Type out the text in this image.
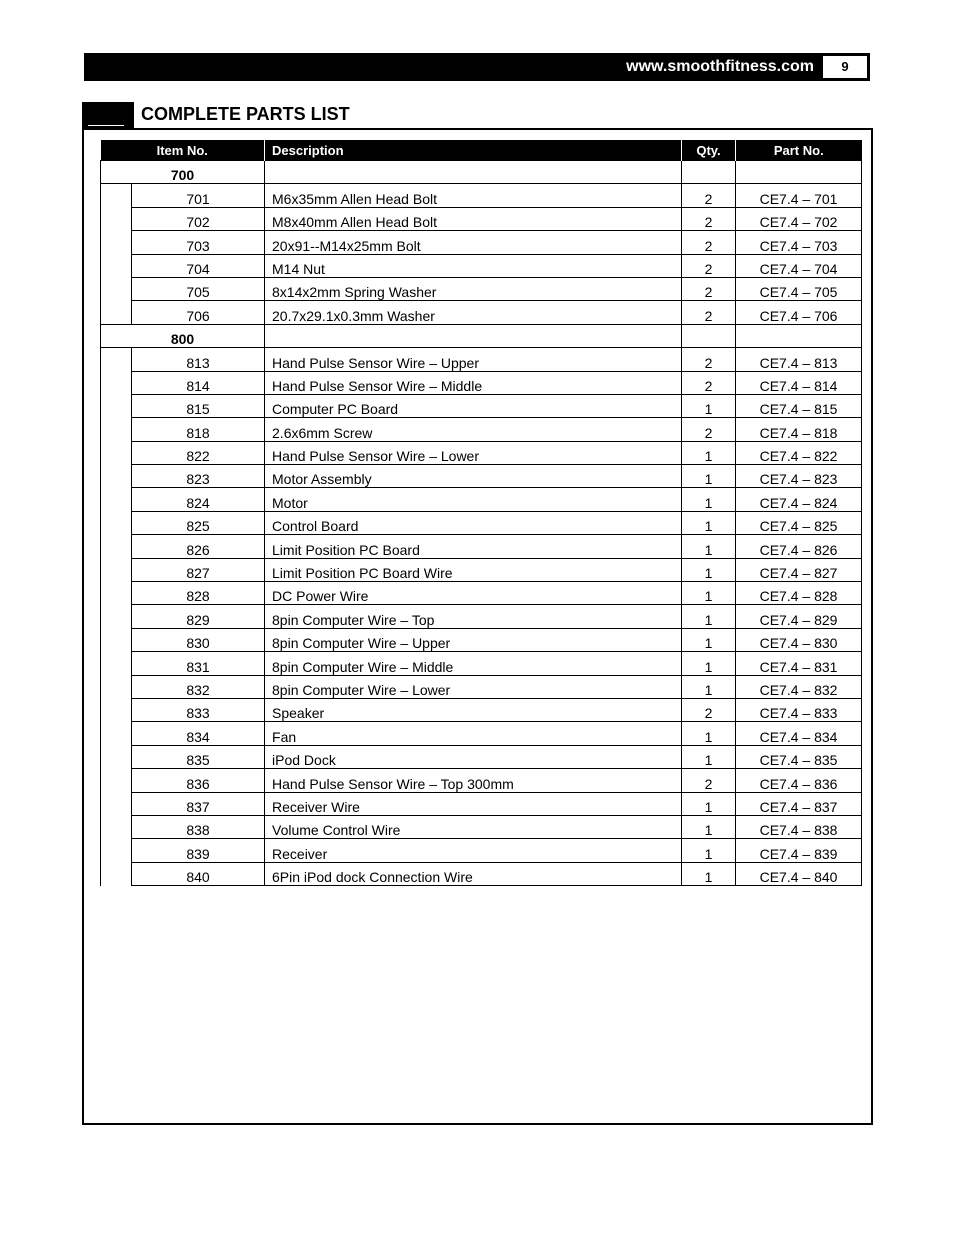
www.smoothfitness.com	9
COMPLETE PARTS LIST
Item No.		Description	Qty.	Part No.
700				
	701	M6x35mm Allen Head Bolt	2	CE7.4 – 701
	702	M8x40mm Allen Head Bolt	2	CE7.4 – 702
	703	20x91--M14x25mm Bolt	2	CE7.4 – 703
	704	M14 Nut	2	CE7.4 – 704
	705	8x14x2mm Spring Washer	2	CE7.4 – 705
	706	20.7x29.1x0.3mm Washer	2	CE7.4 – 706
800				
	813	Hand Pulse Sensor Wire – Upper	2	CE7.4 – 813
	814	Hand Pulse Sensor Wire – Middle	2	CE7.4 – 814
	815	Computer PC Board	1	CE7.4 – 815
	818	2.6x6mm Screw	2	CE7.4 – 818
	822	Hand Pulse Sensor Wire – Lower	1	CE7.4 – 822
	823	Motor Assembly	1	CE7.4 – 823
	824	Motor	1	CE7.4 – 824
	825	Control Board	1	CE7.4 – 825
	826	Limit Position PC Board	1	CE7.4 – 826
	827	Limit Position PC Board Wire	1	CE7.4 – 827
	828	DC Power Wire	1	CE7.4 – 828
	829	8pin Computer Wire – Top	1	CE7.4 – 829
	830	8pin Computer Wire – Upper	1	CE7.4 – 830
	831	8pin Computer Wire – Middle	1	CE7.4 – 831
	832	8pin Computer Wire – Lower	1	CE7.4 – 832
	833	Speaker	2	CE7.4 – 833
	834	Fan	1	CE7.4 – 834
	835	iPod Dock	1	CE7.4 – 835
	836	Hand Pulse Sensor Wire – Top 300mm	2	CE7.4 – 836
	837	Receiver Wire	1	CE7.4 – 837
	838	Volume Control Wire	1	CE7.4 – 838
	839	Receiver	1	CE7.4 – 839
	840	6Pin iPod dock Connection Wire	1	CE7.4 – 840
